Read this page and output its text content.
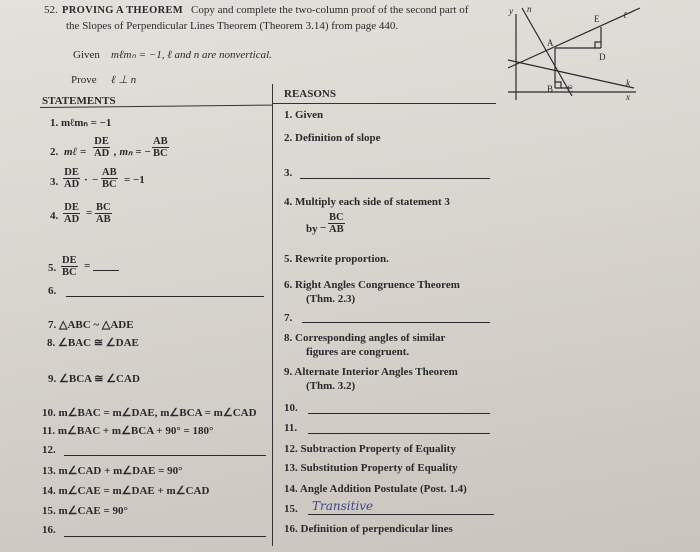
52. PROVING A THEOREM Copy and complete the two-column proof of the second part of
the Slopes of Perpendicular Lines Theorem (Theorem 3.14) from page 440.
Given mℓmₙ = −1, ℓ and n are nonvertical.
Prove ℓ ⊥ n
STATEMENTS
REASONS
1. mℓmₙ = −1
2. mℓ = $\frac{DE}{AD}$ , mₙ = − $\frac{AB}{BC}$
3. $\frac{DE}{AD}$ · − $\frac{AB}{BC} = -1$
4. $\frac{DE}{AD} = \frac{BC}{AB}$
5. $\frac{DE}{BC}$ =
6.
7. △ABC ~ △ADE
8. ∠BAC ≅ ∠DAE
9. ∠BCA ≅ ∠CAD
10. m∠BAC = m∠DAE, m∠BCA = m∠CAD
11. m∠BAC + m∠BCA + 90° = 180°
12.
13. m∠CAD + m∠DAE = 90°
14. m∠CAE = m∠DAE + m∠CAD
15. m∠CAE = 90°
16.
1. Given
2. Definition of slope
3.
4. Multiply each side of statement 3
by − $\frac{BC}{AB}$
5. Rewrite proportion.
6. Right Angles Congruence Theorem
(Thm. 2.3)
7.
8. Corresponding angles of similar
figures are congruent.
9. Alternate Interior Angles Theorem
(Thm. 3.2)
10.
11.
12. Subtraction Property of Equality
13. Substitution Property of Equality
14. Angle Addition Postulate (Post. 1.4)
15. Transitive
16. Definition of perpendicular lines
y n
E	ℓ
A
D
B C
k
x
